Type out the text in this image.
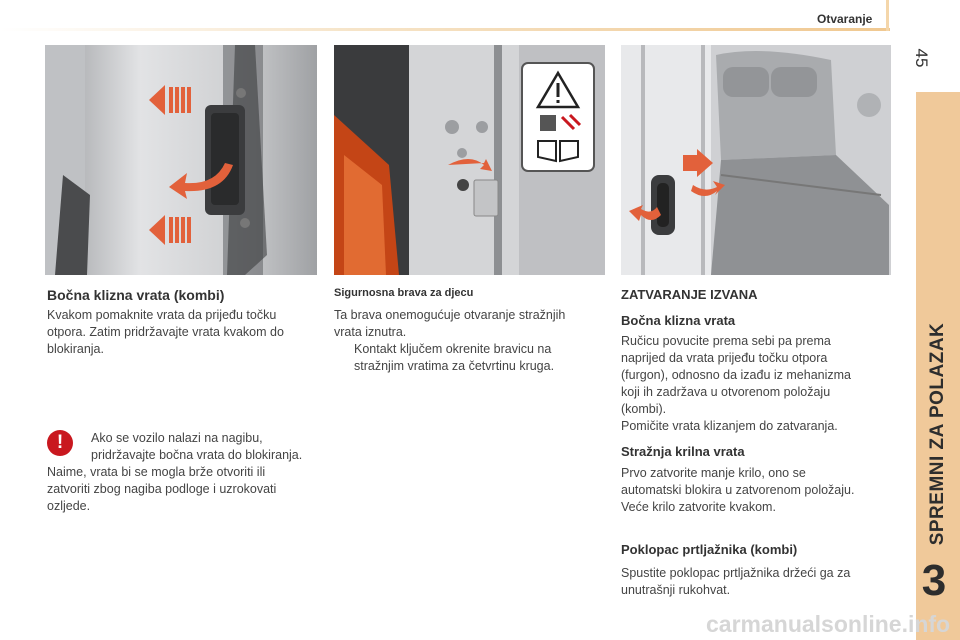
Otvaranje
45
SPREMNI ZA POLAZAK
3
Bočna klizna vrata (kombi)

Kvakom pomaknite vrata da prijeđu točku

otpora. Zatim pridržavajte vrata kvakom do

blokiranja.

!	Ako se vozilo nalazi na nagibu,

pridržavajte bočna vrata do blokiranja.

Naime, vrata bi se mogla brže otvoriti ili

zatvoriti zbog nagiba podloge i uzrokovati

ozljede.

Sigurnosna brava za djecu

Ta brava onemogućuje otvaranje stražnjih

vrata iznutra.

Kontakt ključem okrenite bravicu na

stražnjim vratima za četvrtinu kruga.

ZATVARANJE IZVANA
Bočna klizna vrata

Ručicu povucite prema sebi pa prema

naprijed da vrata prijeđu točku otpora

(furgon), odnosno da izađu iz mehanizma

koji ih zadržava u otvorenom položaju

(kombi).

Pomičite vrata klizanjem do zatvaranja.

Stražnja krilna vrata

Prvo zatvorite manje krilo, ono se

automatski blokira u zatvorenom položaju.

Veće krilo zatvorite kvakom.

Poklopac prtljažnika (kombi)

Spustite poklopac prtljažnika držeći ga za

unutrašnji rukohvat.

carmanualsonline.info
